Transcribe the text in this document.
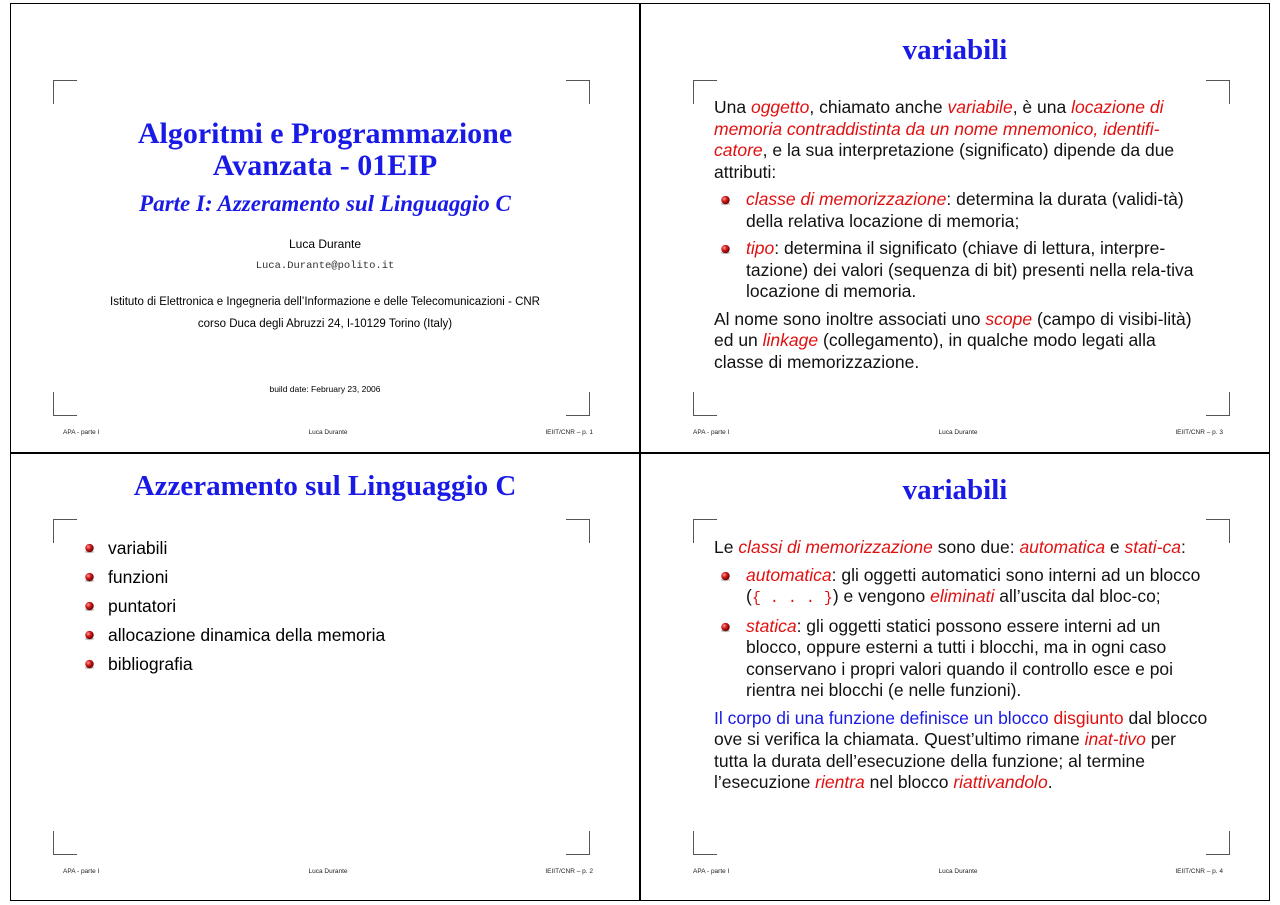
Algoritmi e Programmazione
Avanzata - 01EIP
Parte I: Azzeramento sul Linguaggio C
Luca Durante
Luca.Durante@polito.it
Istituto di Elettronica e Ingegneria dell’Informazione e delle Telecomunicazioni - CNR
corso Duca degli Abruzzi 24, I-10129 Torino (Italy)
build date: February 23, 2006
APA - parte I	Luca Durante	IEIIT/CNR – p. 1
variabili

Una oggetto, chiamato anche variabile, è una locazione di memoria contraddistinta da un nome mnemonico, identifi-catore, e la sua interpretazione (significato) dipende da due attributi:

classe di memorizzazione: determina la durata (validi-tà) della relativa locazione di memoria;
tipo: determina il significato (chiave di lettura, interpre-tazione) dei valori (sequenza di bit) presenti nella rela-tiva locazione di memoria.

Al nome sono inoltre associati uno scope (campo di visibi-lità) ed un linkage (collegamento), in qualche modo legati alla classe di memorizzazione.

APA - parte I	Luca Durante	IEIIT/CNR – p. 3
Azzeramento sul Linguaggio C
variabili
funzioni
puntatori
allocazione dinamica della memoria
bibliografia
APA - parte I	Luca Durante	IEIIT/CNR – p. 2
variabili

Le classi di memorizzazione sono due: automatica e stati-ca:

automatica: gli oggetti automatici sono interni ad un blocco ({ . . . }) e vengono eliminati all’uscita dal bloc-co;
statica: gli oggetti statici possono essere interni ad un blocco, oppure esterni a tutti i blocchi, ma in ogni caso conservano i propri valori quando il controllo esce e poi rientra nei blocchi (e nelle funzioni).

Il corpo di una funzione definisce un blocco disgiunto dal blocco ove si verifica la chiamata. Quest’ultimo rimane inat-tivo per tutta la durata dell’esecuzione della funzione; al termine l’esecuzione rientra nel blocco riattivandolo.

APA - parte I	Luca Durante	IEIIT/CNR – p. 4
